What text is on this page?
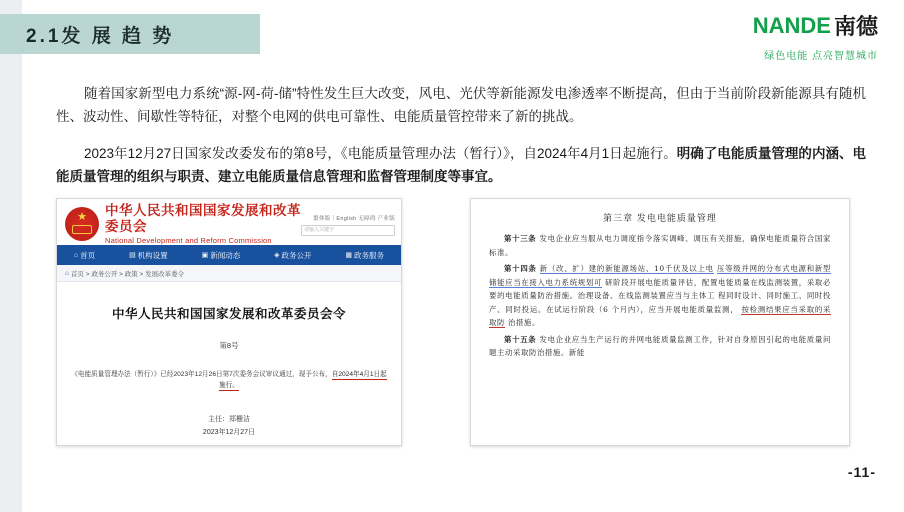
2.1发 展 趋 势	NANDE 南德
绿色电能 点亮智慧城市
随着国家新型电力系统“源-网-荷-储”特性发生巨大改变，风电、光伏等新能源发电渗透率不断提高，但由于当前阶段新能源具有随机性、波动性、间歇性等特征，对整个电网的供电可靠性、电能质量管控带来了新的挑战。
2023年12月27日国家发改委发布的第8号，《电能质量管理办法（暂行）》，自2024年4月1日起施行。明确了电能质量管理的内涵、电能质量管理的组织与职责、建立电能质量信息管理和监督管理制度等事宜。
★
中华人民共和国国家发展和改革委员会
National Development and Reform Commission
繁体版｜English 无障碍 产业版
请输入关键字
⌂ 首页	▤ 机构设置	▣ 新闻动态	◈ 政务公开	▦ 政务服务
⌂ 首页 > 政务公开 > 政策 > 发展改革委令
中华人民共和国国家发展和改革委员会令
第8号
《电能质量管理办法（暂行）》已经2023年12月26日第7次委务会议审议通过，现予公布，自2024年4月1日起施行。
主任：郑栅洁
2023年12月27日
第三章 发电电能质量管理
第十三条 发电企业应当服从电力调度指令落实调峰、调压有关措施，确保电能质量符合国家标准。
第十四条 新（改、扩）建的新能源场站、10千伏及以上电 压等级并网的分布式电源和新型储能应当在接入电力系统规划可 研阶段开展电能质量评估，配置电能质量在线监测装置，采取必 要的电能质量防治措施。治理设备、在线监测装置应当与主体工 程同时设计、同时施工、同时投产、同时投运。在试运行阶段（6 个月内），应当开展电能质量监测， 按检测结果应当采取的采取防 治措施。
第十五条 发电企业应当生产运行的并网电能质量监测工作，针对自身原因引起的电能质量问题主动采取防治措施。新能
-11-
